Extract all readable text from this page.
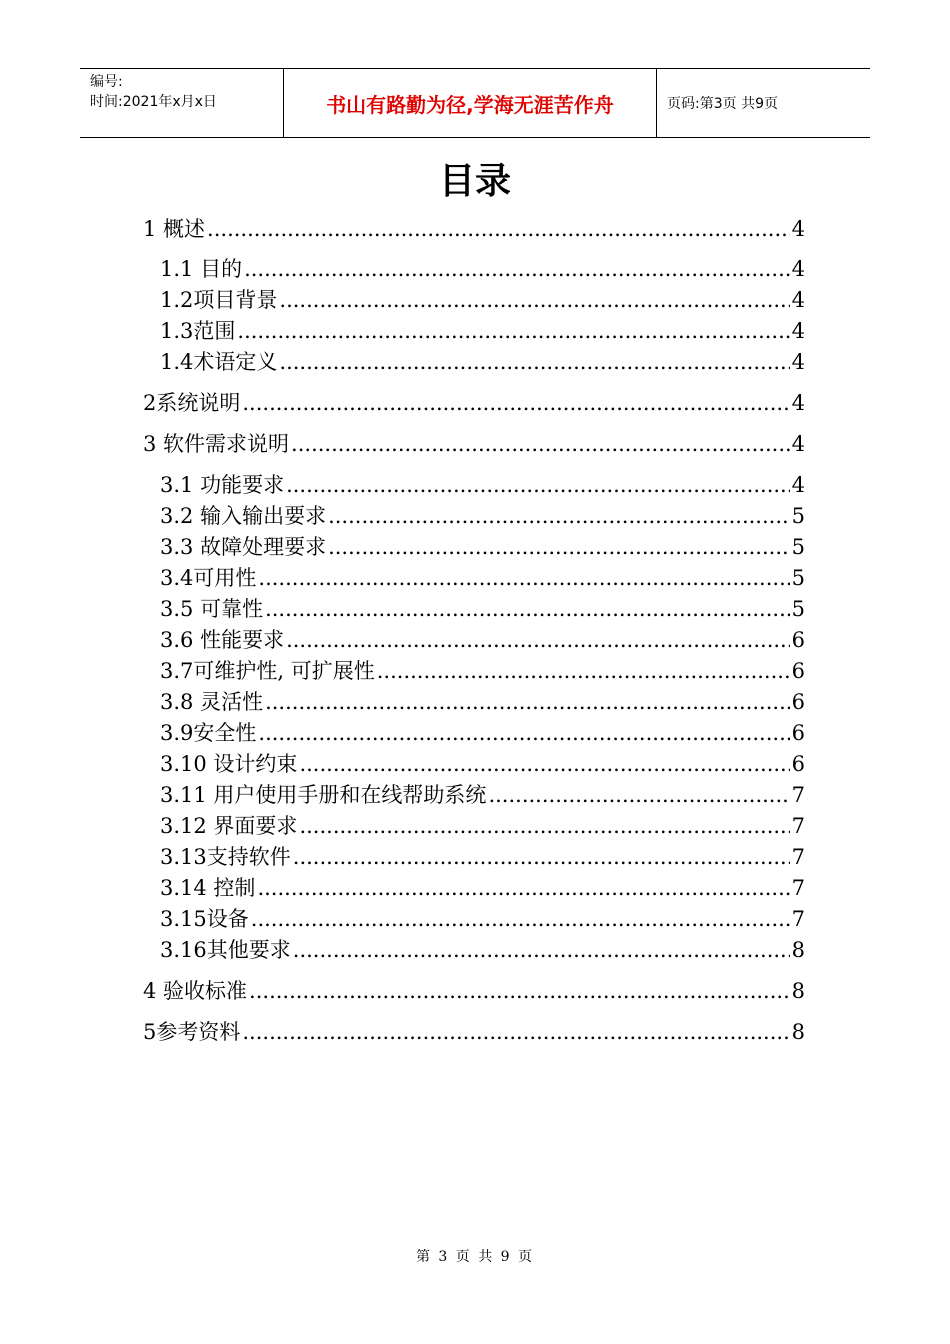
编号:
时间:2021年x月x日	书山有路勤为径,学海无涯苦作舟	页码:第3页 共9页
目录
1 概述 .....	4
1.1 目的 .....	4
1.2项目背景 .....	4
1.3范围 .....	4
1.4术语定义 .....	4
2系统说明 .....	4
3 软件需求说明 .....	4
3.1 功能要求 .....	4
3.2 输入输出要求 .....	5
3.3 故障处理要求 .....	5
3.4可用性 .....	5
3.5 可靠性 .....	5
3.6 性能要求 .....	6
3.7可维护性, 可扩展性 .....	6
3.8 灵活性 .....	6
3.9安全性 .....	6
3.10 设计约束 .....	6
3.11 用户使用手册和在线帮助系统 .....	7
3.12 界面要求 .....	7
3.13支持软件 .....	7
3.14 控制 .....	7
3.15设备 .....	7
3.16其他要求 .....	8
4 验收标准 .....	8
5参考资料 .....	8
第 3 页 共 9 页
